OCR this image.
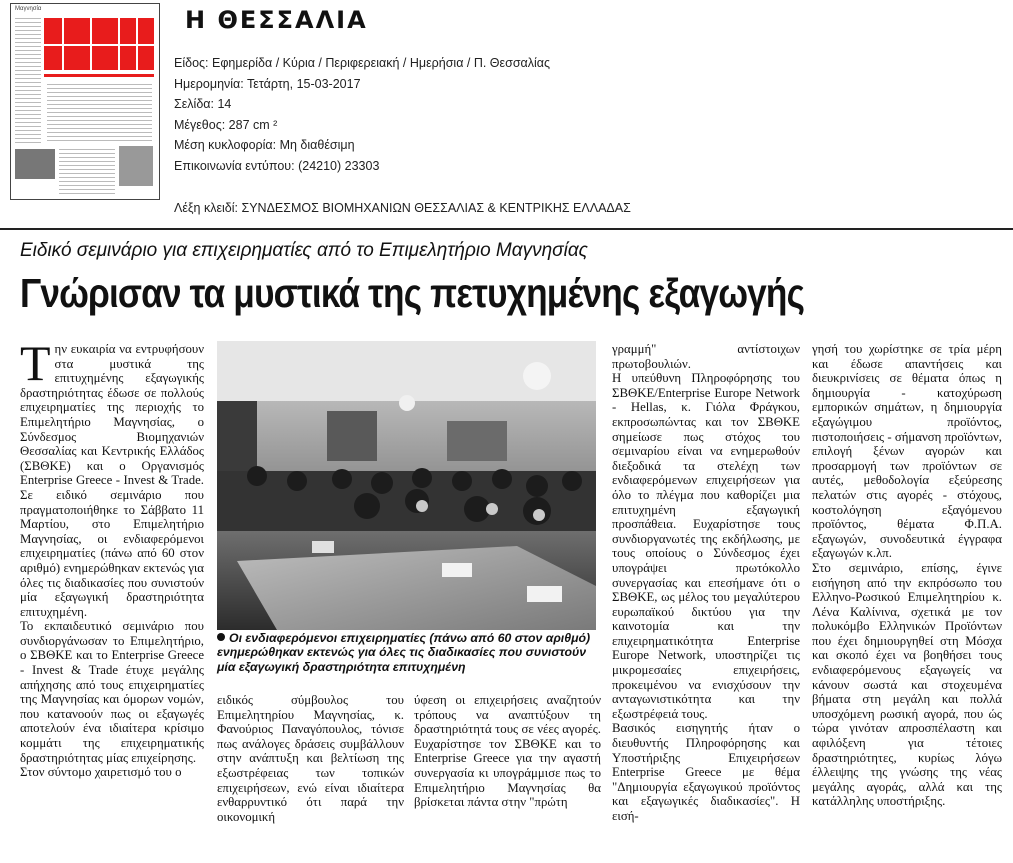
Μαγνησία	Η ΘΕΣΣΑΛΙΑ
Είδος: Εφημερίδα / Κύρια / Περιφερειακή / Ημερήσια / Π. Θεσσαλίας
Ημερομηνία: Τετάρτη, 15-03-2017
Σελίδα: 14
Μέγεθος: 287 cm ²
Μέση κυκλοφορία: Μη διαθέσιμη
Επικοινωνία εντύπου: (24210) 23303
Λέξη κλειδί: ΣΥΝΔΕΣΜΟΣ ΒΙΟΜΗΧΑΝΙΩΝ ΘΕΣΣΑΛΙΑΣ & ΚΕΝΤΡΙΚΗΣ ΕΛΛΑΔΑΣ
Ειδικό σεμινάριο για επιχειρηματίες από το Επιμελητήριο Μαγνησίας
Γνώρισαν τα μυστικά της πετυχημένης εξαγωγής

Την ευκαιρία να εντρυφήσουν στα μυστικά της επιτυχημένης εξαγωγικής δραστηριότητας έδωσε σε πολλούς επιχειρηματίες της περιοχής το Επιμελητήριο Μαγνησίας, ο Σύνδεσμος Βιομηχανιών Θεσσαλίας και Κεντρικής Ελλάδος (ΣΒΘΚΕ) και ο Οργανισμός Enterprise Greece - Invest & Trade. Σε ειδικό σεμινάριο που πραγματοποιήθηκε το Σάββατο 11 Μαρτίου, στο Επιμελητήριο Μαγνησίας, οι ενδιαφερόμενοι επιχειρηματίες (πάνω από 60 στον αριθμό) ενημερώθηκαν εκτενώς για όλες τις διαδικασίες που συνιστούν μία εξαγωγική δραστηριότητα επιτυχημένη.

Το εκπαιδευτικό σεμινάριο που συνδιοργάνωσαν το Επιμελητήριο, ο ΣΒΘΚΕ και το Enterprise Greece - Invest & Trade έτυχε μεγάλης απήχησης από τους επιχειρηματίες της Μαγνησίας και όμορων νομών, που κατανοούν πως οι εξαγωγές αποτελούν ένα ιδιαίτερα κρίσιμο κομμάτι της επιχειρηματικής δραστηριότητας μίας επιχείρησης.

Στον σύντομο χαιρετισμό του ο

Οι ενδιαφερόμενοι επιχειρηματίες (πάνω από 60 στον αριθμό) ενημερώθηκαν εκτενώς για όλες τις διαδικασίες που συνιστούν μία εξαγωγική δραστηριότητα επιτυχημένη

ειδικός σύμβουλος του Επιμελητηρίου Μαγνησίας, κ. Φανούριος Παναγόπουλος, τόνισε πως ανάλογες δράσεις συμβάλλουν στην ανάπτυξη και βελτίωση της εξωστρέφειας των τοπικών επιχειρήσεων, ενώ είναι ιδιαίτερα ενθαρρυντικό ότι παρά την οικονομική

ύφεση οι επιχειρήσεις αναζητούν τρόπους να αναπτύξουν τη δραστηριότητά τους σε νέες αγορές. Ευχαρίστησε τον ΣΒΘΚΕ και το Enterprise Greece για την αγαστή συνεργασία κι υπογράμμισε πως το Επιμελητήριο Μαγνησίας θα βρίσκεται πάντα στην "πρώτη

γραμμή" αντίστοιχων πρωτοβουλιών.

Η υπεύθυνη Πληροφόρησης του ΣΒΘΚΕ/Enterprise Europe Network - Hellas, κ. Γιόλα Φράγκου, εκπροσωπώντας και τον ΣΒΘΚΕ σημείωσε πως στόχος του σεμιναρίου είναι να ενημερωθούν διεξοδικά τα στελέχη των ενδιαφερόμενων επιχειρήσεων για όλο το πλέγμα που καθορίζει μια επιτυχημένη εξαγωγική προσπάθεια. Ευχαρίστησε τους συνδιοργανωτές της εκδήλωσης, με τους οποίους ο Σύνδεσμος έχει υπογράψει πρωτόκολλο συνεργασίας και επεσήμανε ότι ο ΣΒΘΚΕ, ως μέλος του μεγαλύτερου ευρωπαϊκού δικτύου για την καινοτομία και την επιχειρηματικότητα Enterprise Europe Network, υποστηρίζει τις μικρομεσαίες επιχειρήσεις, προκειμένου να ενισχύσουν την ανταγωνιστικότητα και την εξωστρέφειά τους.

Βασικός εισηγητής ήταν ο διευθυντής Πληροφόρησης και Υποστήριξης Επιχειρήσεων Enterprise Greece με θέμα "Δημιουργία εξαγωγικού προϊόντος και εξαγωγικές διαδικασίες". Η εισή-

γησή του χωρίστηκε σε τρία μέρη και έδωσε απαντήσεις και διευκρινίσεις σε θέματα όπως η δημιουργία - κατοχύρωση εμπορικών σημάτων, η δημιουργία εξαγώγιμου προϊόντος, πιστοποιήσεις - σήμανση προϊόντων, επιλογή ξένων αγορών και προσαρμογή των προϊόντων σε αυτές, μεθοδολογία εξεύρεσης πελατών στις αγορές - στόχους, κοστολόγηση εξαγόμενου προϊόντος, θέματα Φ.Π.Α. εξαγωγών, συνοδευτικά έγγραφα εξαγωγών κ.λπ.

Στο σεμινάριο, επίσης, έγινε εισήγηση από την εκπρόσωπο του Ελληνο-Ρωσικού Επιμελητηρίου κ. Λένα Καλίνινα, σχετικά με τον πολυκόμβο Ελληνικών Προϊόντων που έχει δημιουργηθεί στη Μόσχα και σκοπό έχει να βοηθήσει τους ενδιαφερόμενους εξαγωγείς να κάνουν σωστά και στοχευμένα βήματα στη μεγάλη και πολλά υποσχόμενη ρωσική αγορά, που ώς τώρα γινόταν απροσπέλαστη και αφιλόξενη για τέτοιες δραστηριότητες, κυρίως λόγω έλλειψης της γνώσης της νέας μεγάλης αγοράς, αλλά και της κατάλληλης υποστήριξης.
